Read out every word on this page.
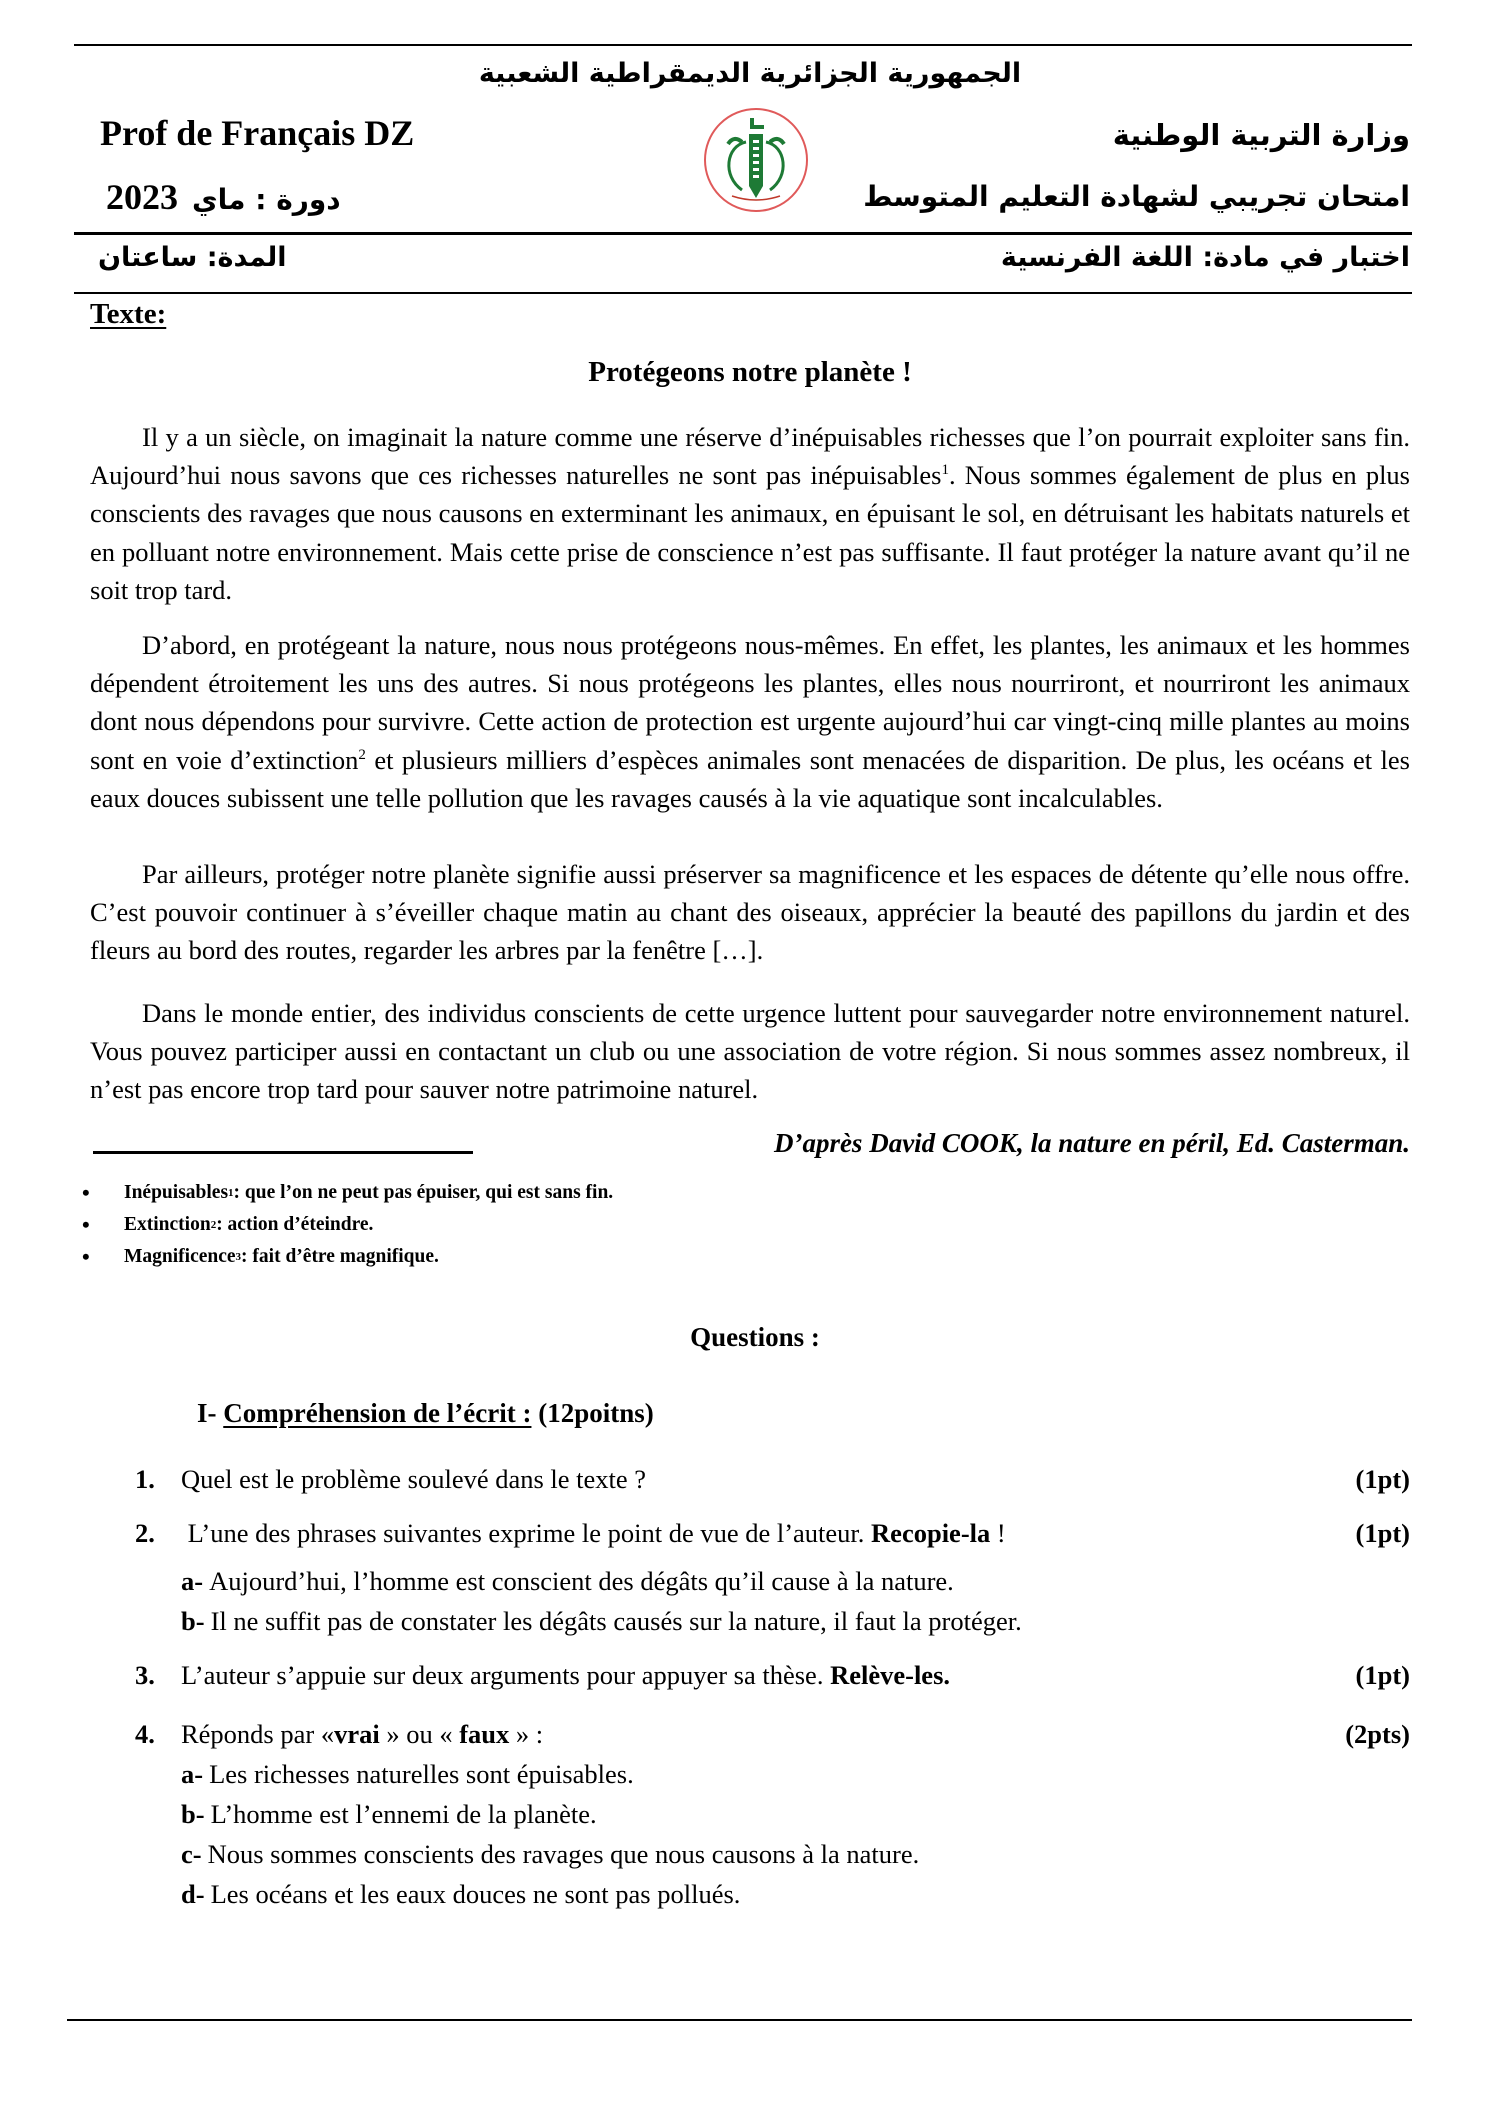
الجمهورية الجزائرية الديمقراطية الشعبية
Prof de Français DZ	وزارة التربية الوطنية
2023 دورة : ماي	امتحان تجريبي لشهادة التعليم المتوسط
المدة: ساعتان	اختبار في مادة: اللغة الفرنسية
Texte:
Protégeons notre planète !

Il y a un siècle, on imaginait la nature comme une réserve d’inépuisables richesses que l’on pourrait exploiter sans fin. Aujourd’hui nous savons que ces richesses naturelles ne sont pas inépuisables$^1$. Nous sommes également de plus en plus conscients des ravages que nous causons en exterminant les animaux, en épuisant le sol, en détruisant les habitats naturels et en polluant notre environnement. Mais cette prise de conscience n’est pas suffisante. Il faut protéger la nature avant qu’il ne soit trop tard.

D’abord, en protégeant la nature, nous nous protégeons nous-mêmes. En effet, les plantes, les animaux et les hommes dépendent étroitement les uns des autres. Si nous protégeons les plantes, elles nous nourriront, et nourriront les animaux dont nous dépendons pour survivre. Cette action de protection est urgente aujourd’hui car vingt-cinq mille plantes au moins sont en voie d’extinction$^2$ et plusieurs milliers d’espèces animales sont menacées de disparition. De plus, les océans et les eaux douces subissent une telle pollution que les ravages causés à la vie aquatique sont incalculables.

Par ailleurs, protéger notre planète signifie aussi préserver sa magnificence et les espaces de détente qu’elle nous offre. C’est pouvoir continuer à s’éveiller chaque matin au chant des oiseaux, apprécier la beauté des papillons du jardin et des fleurs au bord des routes, regarder les arbres par la fenêtre […].

Dans le monde entier, des individus conscients de cette urgence luttent pour sauvegarder notre environnement naturel. Vous pouvez participer aussi en contactant un club ou une association de votre région. Si nous sommes assez nombreux, il n’est pas encore trop tard pour sauver notre patrimoine naturel.

D’après David COOK, la nature en péril, Ed. Casterman.
•	Inépuisables 1 : que l’on ne peut pas épuiser, qui est sans fin.
•	Extinction 2 : action d’éteindre.
•	Magnificence 3 : fait d’être magnifique.
Questions :
I- Compréhension de l’écrit : (12poitns)
1. Quel est le problème soulevé dans le texte ?	(1pt)
2. L’une des phrases suivantes exprime le point de vue de l’auteur. Recopie-la !	(1pt)
a- Aujourd’hui, l’homme est conscient des dégâts qu’il cause à la nature.
b- Il ne suffit pas de constater les dégâts causés sur la nature, il faut la protéger.
3. L’auteur s’appuie sur deux arguments pour appuyer sa thèse. Relève-les.	(1pt)
4. Réponds par «vrai » ou « faux » :	(2pts)
a- Les richesses naturelles sont épuisables.
b- L’homme est l’ennemi de la planète.
c- Nous sommes conscients des ravages que nous causons à la nature.
d- Les océans et les eaux douces ne sont pas pollués.
